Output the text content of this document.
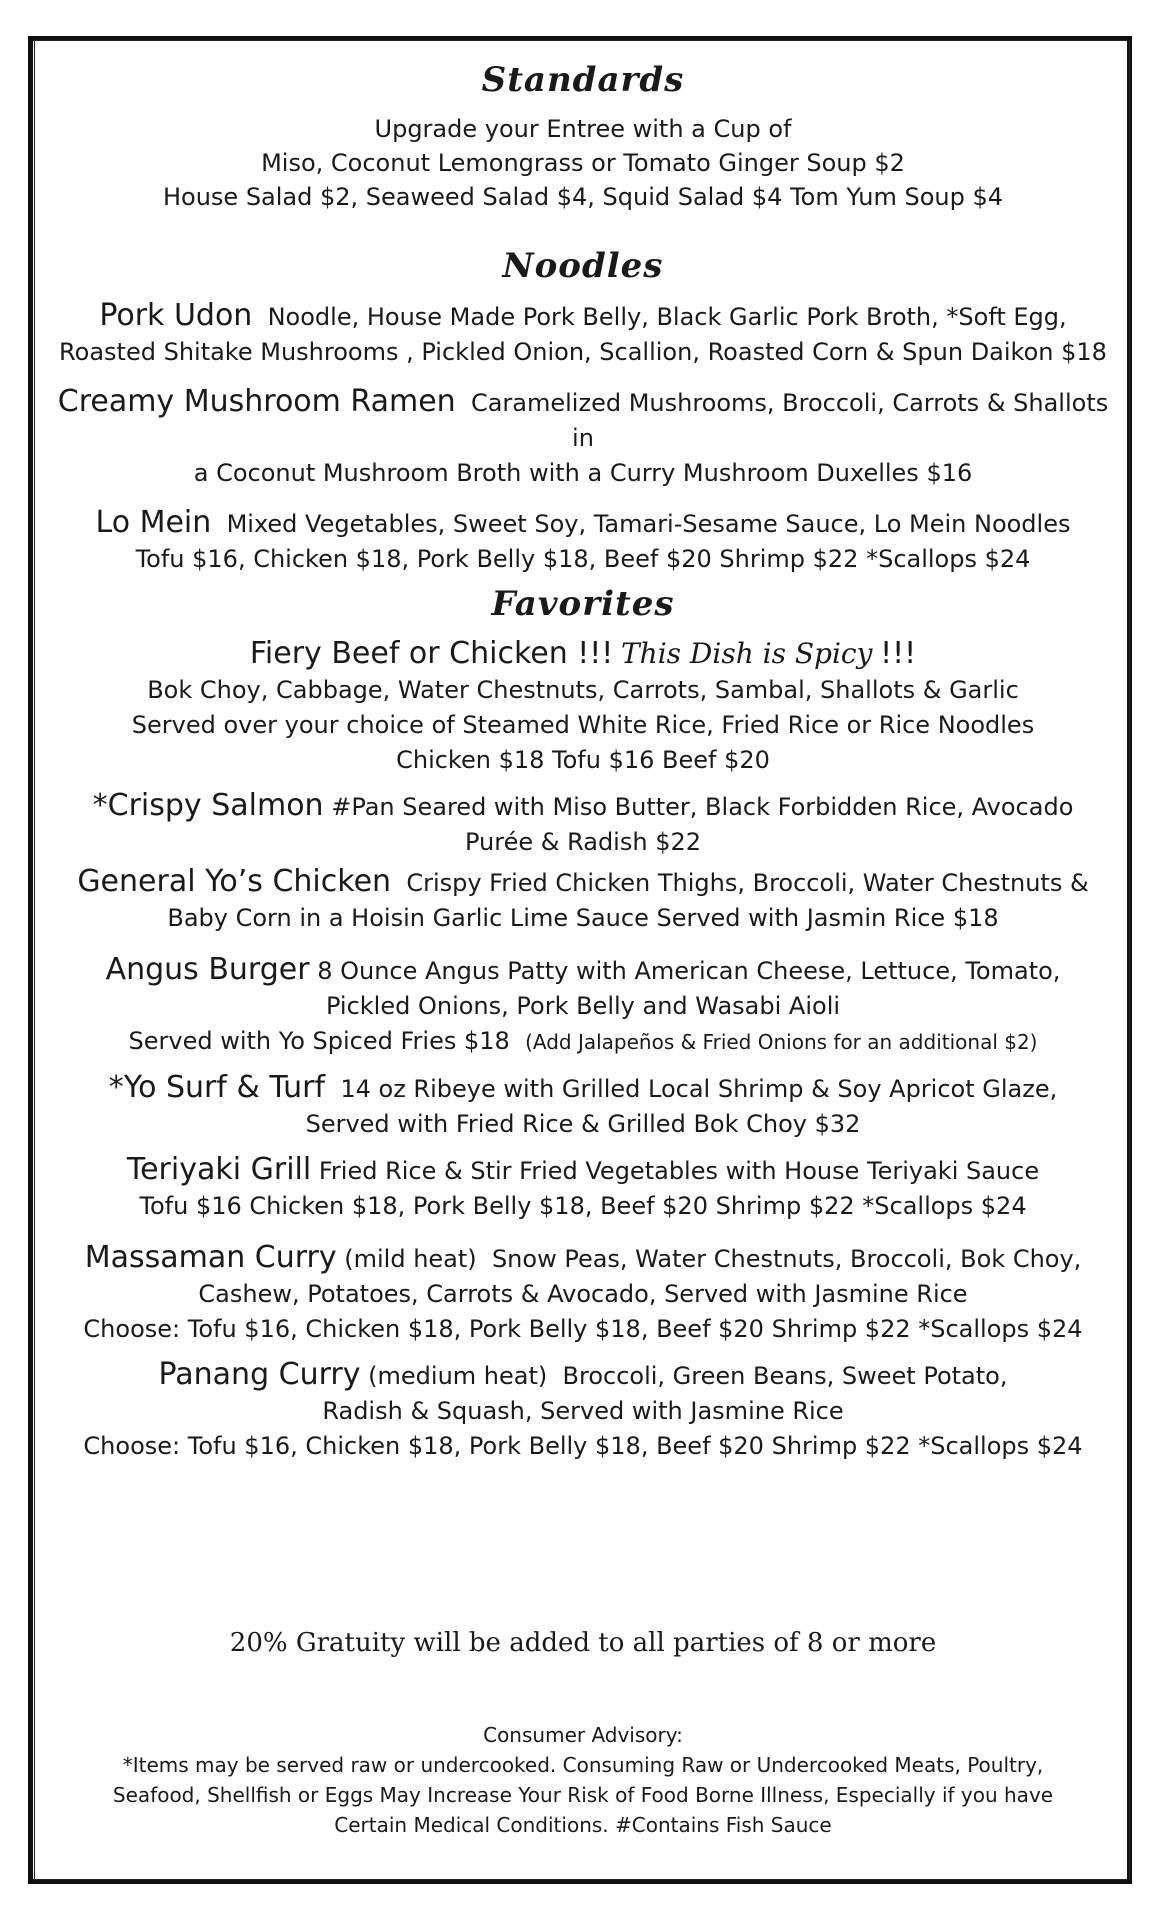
Standards
Upgrade your Entree with a Cup of
Miso, Coconut Lemongrass or Tomato Ginger Soup $2
House Salad $2, Seaweed Salad $4, Squid Salad $4 Tom Yum Soup $4
Noodles
Pork Udon Noodle, House Made Pork Belly, Black Garlic Pork Broth, *Soft Egg,
Roasted Shitake Mushrooms , Pickled Onion, Scallion, Roasted Corn & Spun Daikon $18
Creamy Mushroom Ramen Caramelized Mushrooms, Broccoli, Carrots & Shallots in
a Coconut Mushroom Broth with a Curry Mushroom Duxelles $16
Lo Mein Mixed Vegetables, Sweet Soy, Tamari-Sesame Sauce, Lo Mein Noodles
Tofu $16, Chicken $18, Pork Belly $18, Beef $20 Shrimp $22 *Scallops $24
Favorites
Fiery Beef or Chicken !!! This Dish is Spicy !!!
Bok Choy, Cabbage, Water Chestnuts, Carrots, Sambal, Shallots & Garlic
Served over your choice of Steamed White Rice, Fried Rice or Rice Noodles
Chicken $18 Tofu $16 Beef $20
*Crispy Salmon #Pan Seared with Miso Butter, Black Forbidden Rice, Avocado
Purée & Radish $22
General Yo’s Chicken Crispy Fried Chicken Thighs, Broccoli, Water Chestnuts &
Baby Corn in a Hoisin Garlic Lime Sauce Served with Jasmin Rice $18
Angus Burger 8 Ounce Angus Patty with American Cheese, Lettuce, Tomato,
Pickled Onions, Pork Belly and Wasabi Aioli
Served with Yo Spiced Fries $18 (Add Jalapeños & Fried Onions for an additional $2)
*Yo Surf & Turf 14 oz Ribeye with Grilled Local Shrimp & Soy Apricot Glaze,
Served with Fried Rice & Grilled Bok Choy $32
Teriyaki Grill Fried Rice & Stir Fried Vegetables with House Teriyaki Sauce
Tofu $16 Chicken $18, Pork Belly $18, Beef $20 Shrimp $22 *Scallops $24
Massaman Curry (mild heat) Snow Peas, Water Chestnuts, Broccoli, Bok Choy,
Cashew, Potatoes, Carrots & Avocado, Served with Jasmine Rice
Choose: Tofu $16, Chicken $18, Pork Belly $18, Beef $20 Shrimp $22 *Scallops $24
Panang Curry (medium heat) Broccoli, Green Beans, Sweet Potato,
Radish & Squash, Served with Jasmine Rice
Choose: Tofu $16, Chicken $18, Pork Belly $18, Beef $20 Shrimp $22 *Scallops $24
20% Gratuity will be added to all parties of 8 or more
Consumer Advisory:
*Items may be served raw or undercooked. Consuming Raw or Undercooked Meats, Poultry,
Seafood, Shellfish or Eggs May Increase Your Risk of Food Borne Illness, Especially if you have
Certain Medical Conditions. #Contains Fish Sauce
